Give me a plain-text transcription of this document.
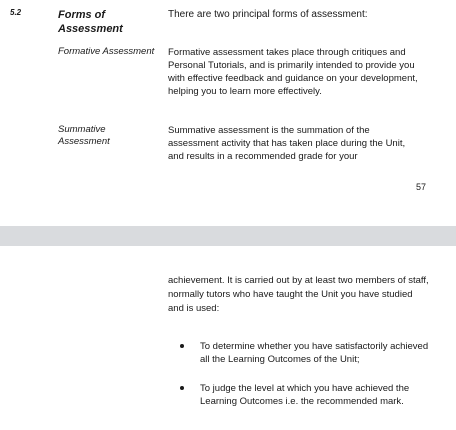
5.2	Forms of Assessment
There are two principal forms of assessment:
Formative Assessment	Formative assessment takes place through critiques and Personal Tutorials, and is primarily intended to provide you with effective feedback and guidance on your development, helping you to learn more effectively.
Summative Assessment
Summative assessment is the summation of the assessment activity that has taken place during the Unit, and results in a recommended grade for your
57
achievement. It is carried out by at least two members of staff, normally tutors who have taught the Unit you have studied and is used:
To determine whether you have satisfactorily achieved all the Learning Outcomes of the Unit;
To judge the level at which you have achieved the Learning Outcomes i.e. the recommended mark.
